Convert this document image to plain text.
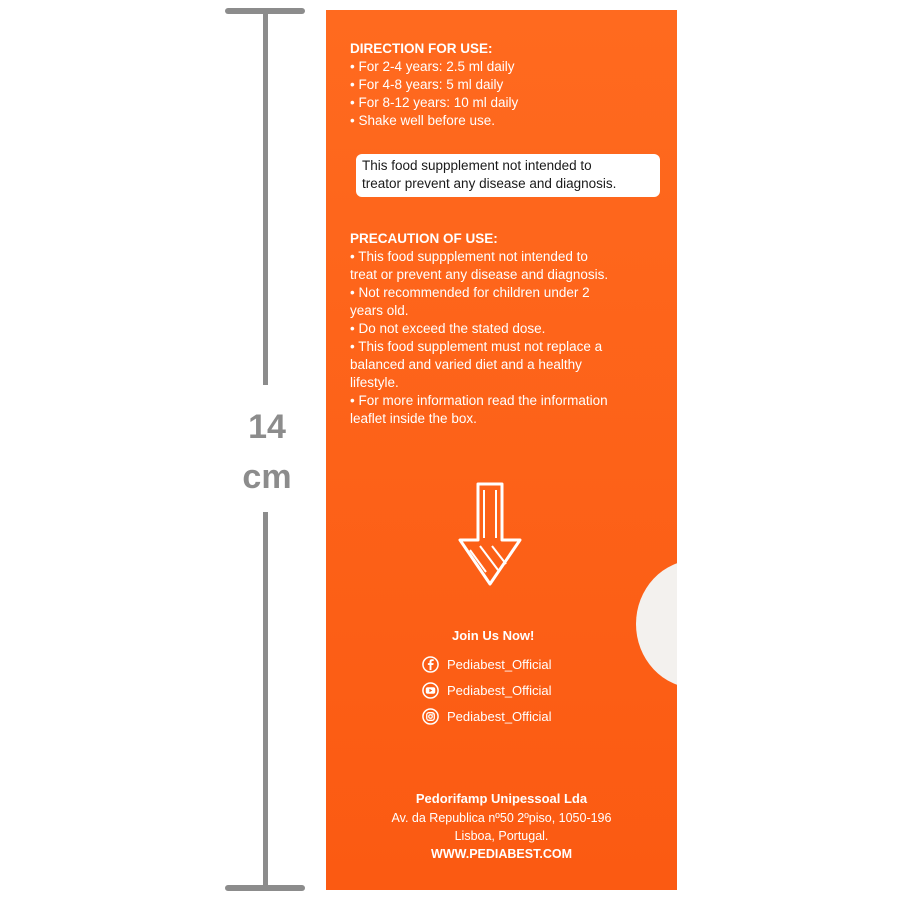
14
cm
DIRECTION FOR USE:
• For 2-4 years: 2.5 ml daily
• For 4-8 years: 5 ml daily
• For 8-12 years: 10 ml daily
• Shake well before use.
This food suppplement not intended to
treator prevent any disease and diagnosis.
PRECAUTION OF USE:
• This food suppplement not intended to
treat or prevent any disease and diagnosis.
• Not recommended for children under 2
years old.
• Do not exceed the stated dose.
• This food supplement must not replace a
balanced and varied diet and a healthy
lifestyle.
• For more information read the information
leaflet inside the box.
Join Us Now!
Pediabest_Official
Pediabest_Official
Pediabest_Official
Pedorifamp Unipessoal Lda
Av. da Republica nº50 2ºpiso, 1050-196
Lisboa, Portugal.
WWW.PEDIABEST.COM
